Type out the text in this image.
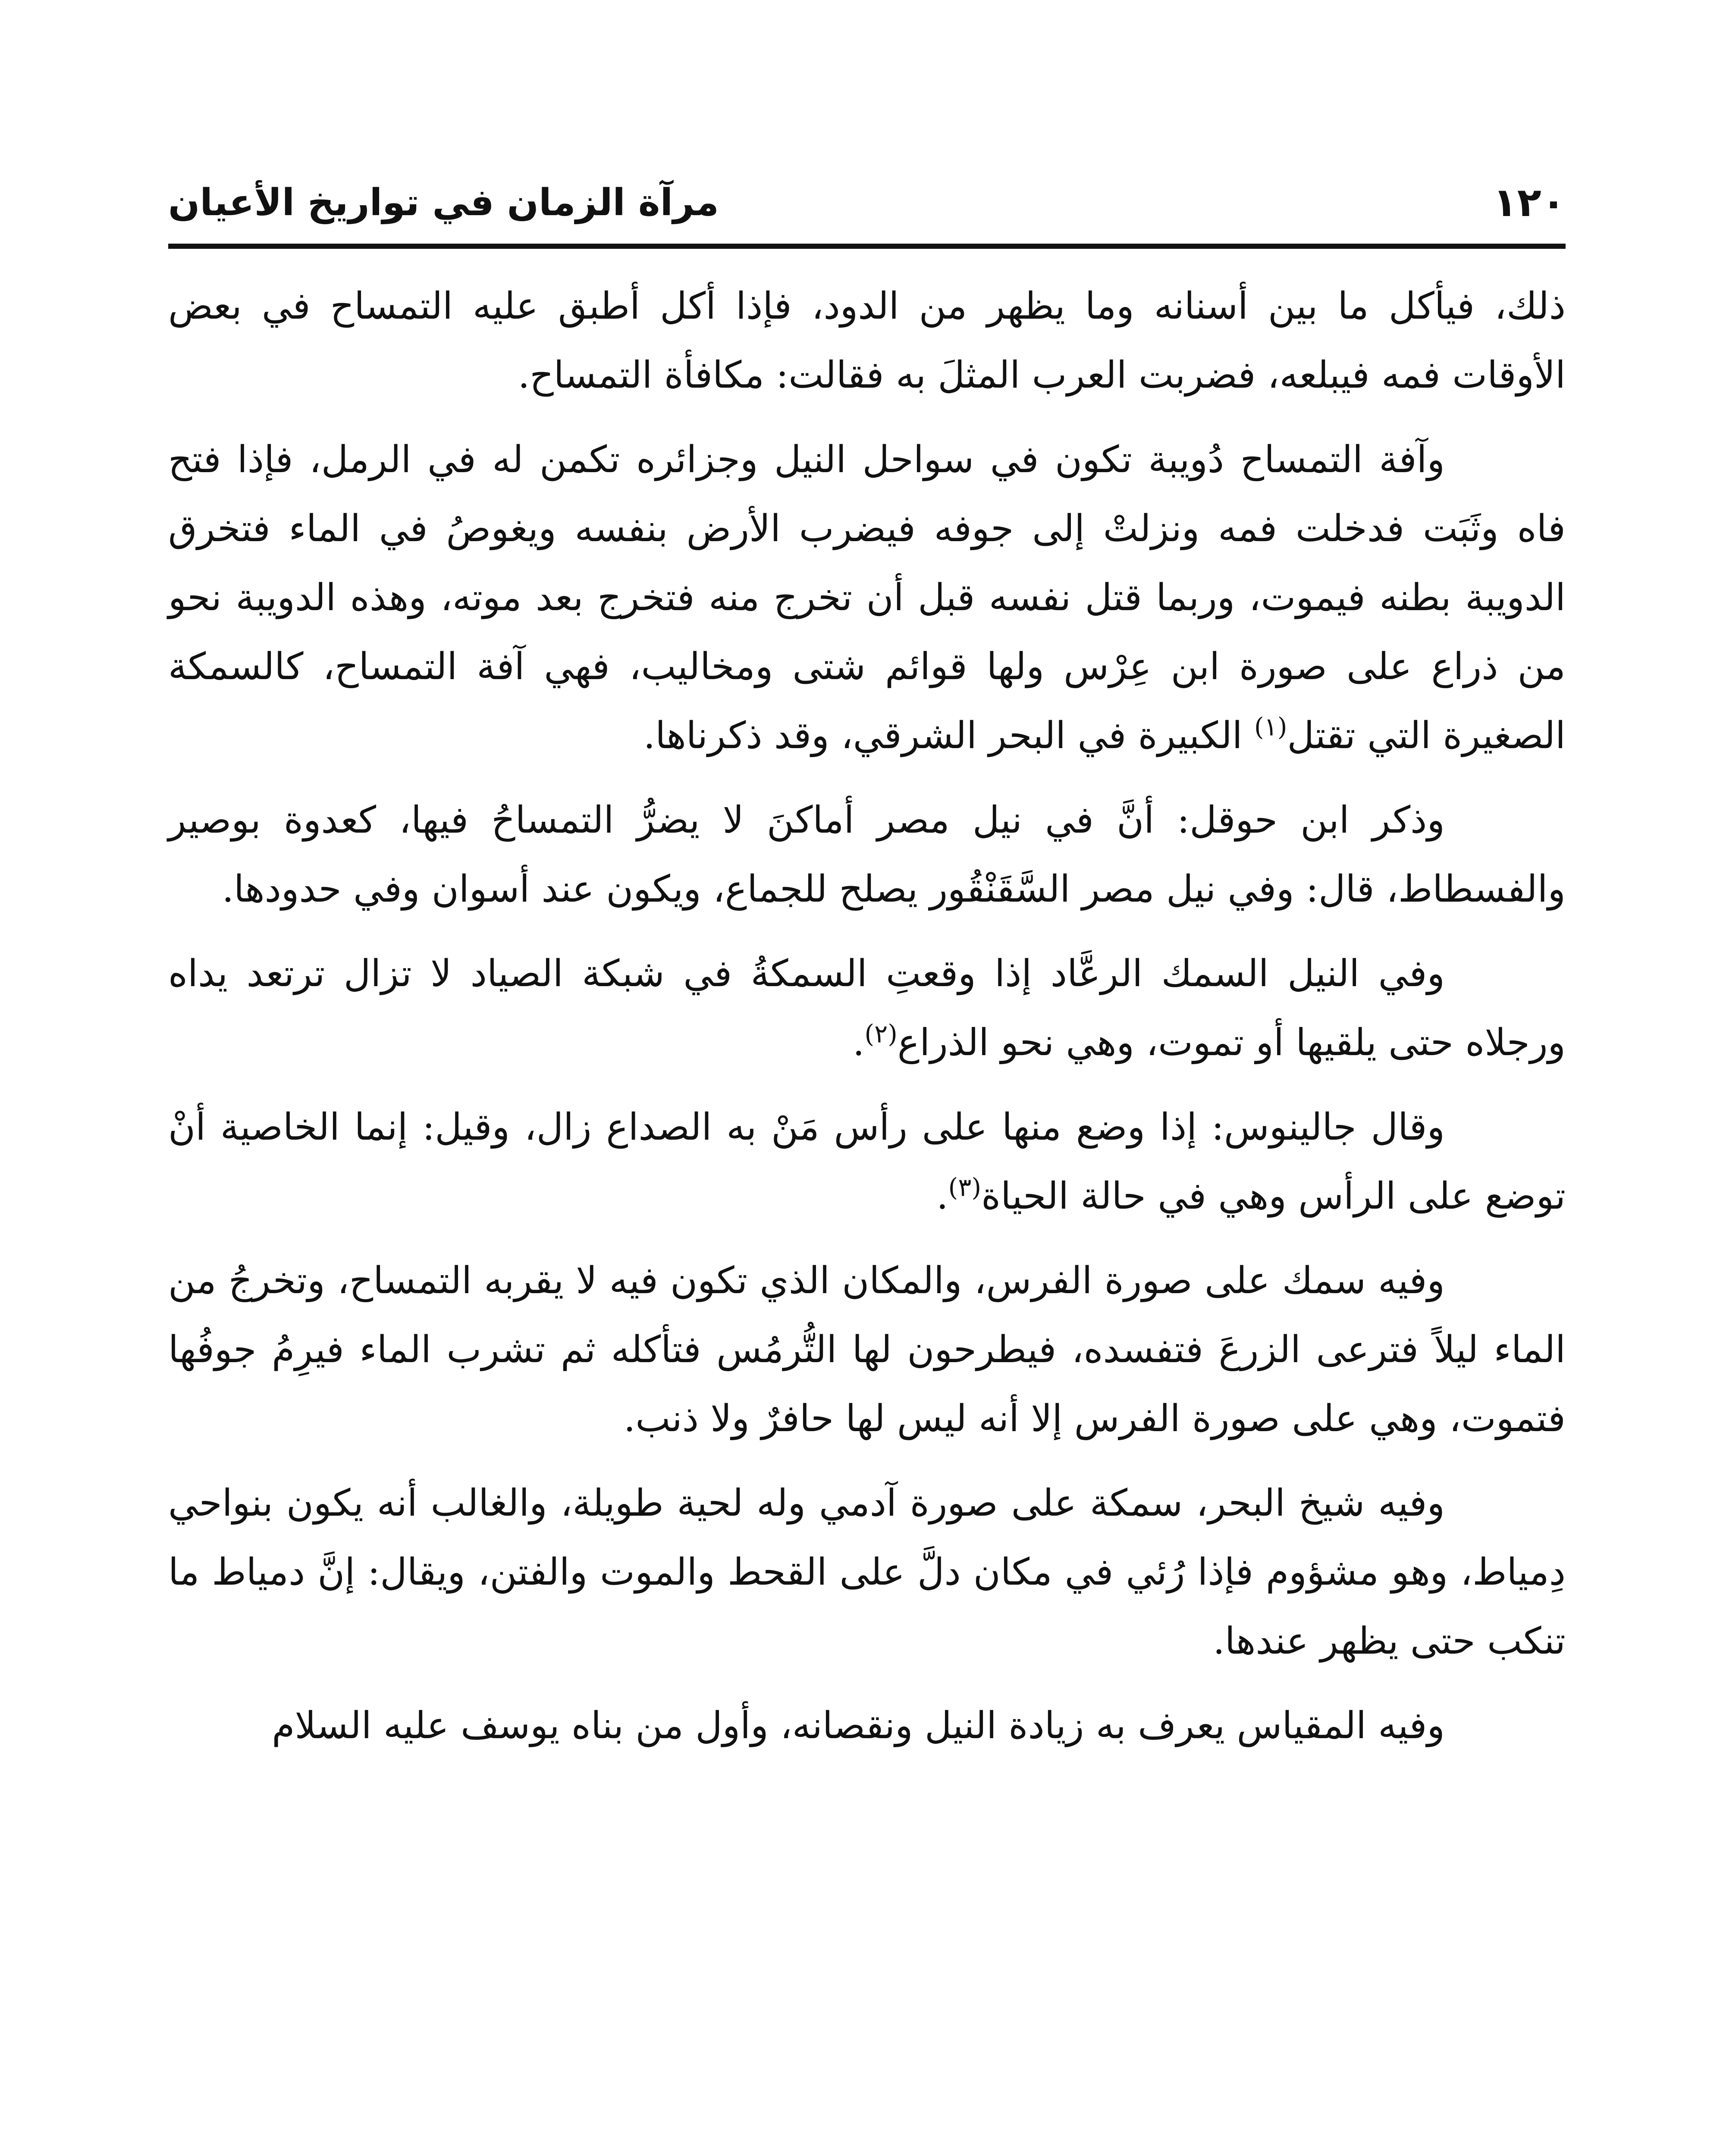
١٢٠
مرآة الزمان في تواريخ الأعيان

ذلك، فيأكل ما بين أسنانه وما يظهر من الدود، فإذا أكل أطبق عليه التمساح في بعض الأوقات فمه فيبلعه، فضربت العرب المثلَ به فقالت: مكافأة التمساح.

وآفة التمساح دُويبة تكون في سواحل النيل وجزائره تكمن له في الرمل، فإذا فتح فاه وثَبَت فدخلت فمه ونزلتْ إلى جوفه فيضرب الأرض بنفسه ويغوصُ في الماء فتخرق الدويبة بطنه فيموت، وربما قتل نفسه قبل أن تخرج منه فتخرج بعد موته، وهذه الدويبة نحو من ذراع على صورة ابن عِرْس ولها قوائم شتى ومخاليب، فهي آفة التمساح، كالسمكة الصغيرة التي تقتل$^{(١)}$ الكبيرة في البحر الشرقي، وقد ذكرناها.

وذكر ابن حوقل: أنَّ في نيل مصر أماكنَ لا يضرُّ التمساحُ فيها، كعدوة بوصير والفسطاط، قال: وفي نيل مصر السَّقَنْقُور يصلح للجماع، ويكون عند أسوان وفي حدودها.

وفي النيل السمك الرعَّاد إذا وقعتِ السمكةُ في شبكة الصياد لا تزال ترتعد يداه ورجلاه حتى يلقيها أو تموت، وهي نحو الذراع$^{(٢)}$.

وقال جالينوس: إذا وضع منها على رأس مَنْ به الصداع زال، وقيل: إنما الخاصية أنْ توضع على الرأس وهي في حالة الحياة$^{(٣)}$.

وفيه سمك على صورة الفرس، والمكان الذي تكون فيه لا يقربه التمساح، وتخرجُ من الماء ليلاً فترعى الزرعَ فتفسده، فيطرحون لها التُّرمُس فتأكله ثم تشرب الماء فيرِمُ جوفُها فتموت، وهي على صورة الفرس إلا أنه ليس لها حافرٌ ولا ذنب.

وفيه شيخ البحر، سمكة على صورة آدمي وله لحية طويلة، والغالب أنه يكون بنواحي دِمياط، وهو مشؤوم فإذا رُئي في مكان دلَّ على القحط والموت والفتن، ويقال: إنَّ دمياط ما تنكب حتى يظهر عندها.

وفيه المقياس يعرف به زيادة النيل ونقصانه، وأول من بناه يوسف عليه السلام
